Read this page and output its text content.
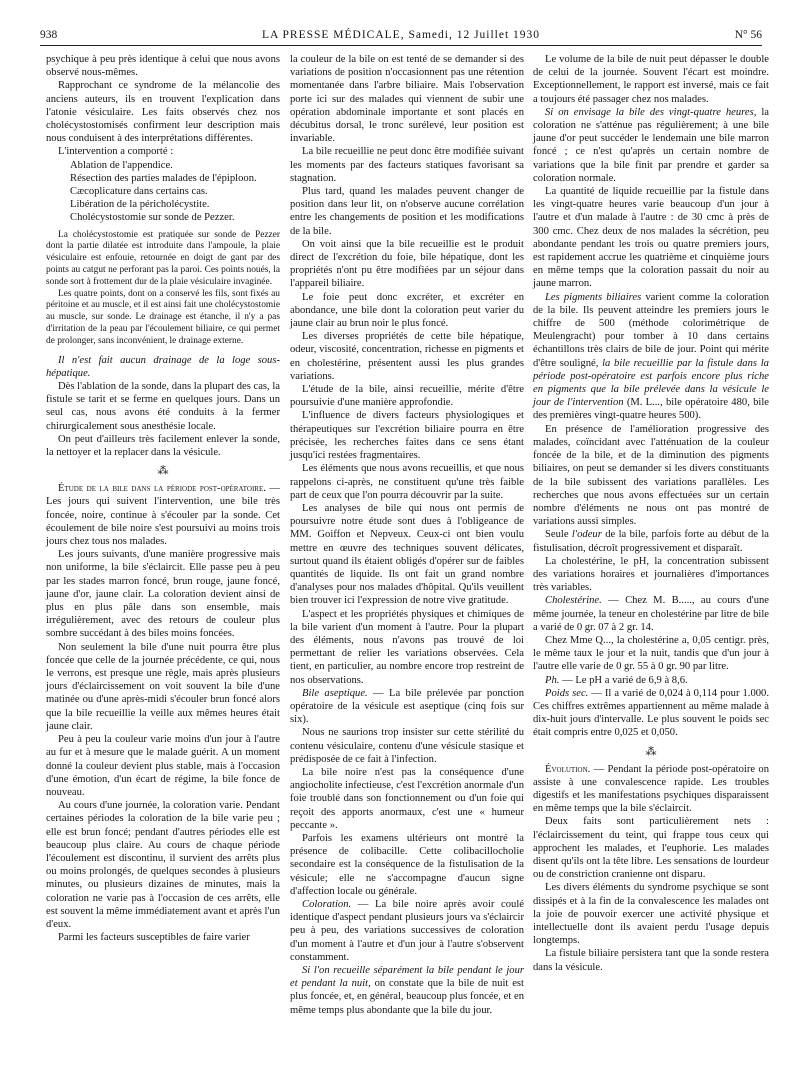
938	LA PRESSE MÉDICALE, Samedi, 12 Juillet 1930	N° 56

psychique à peu près identique à celui que nous avons observé nous-mêmes.

Rapprochant ce syndrome de la mélancolie des anciens auteurs, ils en trouvent l'explication dans l'atonie vésiculaire. Les faits observés chez nos cholécystostomisés confirment leur description mais nous conduisent à des interprétations différentes.

L'intervention a comporté :

Ablation de l'appendice.

Résection des parties malades de l'épiploon.

Cæcoplicature dans certains cas.

Libération de la péricholécystite.

Cholécystostomie sur sonde de Pezzer.

La cholécystostomie est pratiquée sur sonde de Pezzer dont la partie dilatée est introduite dans l'ampoule, la plaie vésiculaire est enfouie, retournée en doigt de gant par des points au catgut ne perforant pas la paroi. Ces points noués, la sonde sort à frottement dur de la plaie vésiculaire invaginée.

Les quatre points, dont on a conservé les fils, sont fixés au péritoine et au muscle, et il est ainsi fait une cholécystostomie au muscle, sur sonde. Le drainage est étanche, il n'y a pas d'irritation de la peau par l'écoulement biliaire, ce qui permet de prolonger, sans inconvénient, le drainage externe.

Il n'est fait aucun drainage de la loge sous-hépatique.

Dès l'ablation de la sonde, dans la plupart des cas, la fistule se tarit et se ferme en quelques jours. Dans un seul cas, nous avons été conduits à la fermer chirurgicalement sous anesthésie locale.

On peut d'ailleurs très facilement enlever la sonde, la nettoyer et la replacer dans la vésicule.

⁂

Étude de la bile dans la période post-opératoire. — Les jours qui suivent l'intervention, une bile très foncée, noire, continue à s'écouler par la sonde. Cet écoulement de bile noire s'est poursuivi au moins trois jours chez tous nos malades.

Les jours suivants, d'une manière progressive mais non uniforme, la bile s'éclaircit. Elle passe peu à peu par les stades marron foncé, brun rouge, jaune foncé, jaune d'or, jaune clair. La coloration devient ainsi de plus en plus pâle dans son ensemble, mais irrégulièrement, avec des retours de couleur plus sombre succédant à des biles moins foncées.

Non seulement la bile d'une nuit pourra être plus foncée que celle de la journée précédente, ce qui, nous le verrons, est presque une règle, mais après plusieurs jours d'éclaircissement on voit souvent la bile d'une matinée ou d'une après-midi s'écouler brun foncé alors que la bile recueillie la veille aux mêmes heures était jaune clair.

Peu à peu la couleur varie moins d'un jour à l'autre au fur et à mesure que le malade guérit. A un moment donné la couleur devient plus stable, mais à l'occasion d'une émotion, d'un écart de régime, la bile fonce de nouveau.

Au cours d'une journée, la coloration varie. Pendant certaines périodes la coloration de la bile varie peu ; elle est brun foncé; pendant d'autres périodes elle est beaucoup plus claire. Au cours de chaque période l'écoulement est discontinu, il survient des arrêts plus ou moins prolongés, de quelques secondes à plusieurs minutes, ou plusieurs dizaines de minutes, mais la coloration ne varie pas à l'occasion de ces arrêts, elle est souvent la même immédiatement avant et après l'un d'eux.

Parmi les facteurs susceptibles de faire varier

la couleur de la bile on est tenté de se demander si des variations de position n'occasionnent pas une rétention momentanée dans l'arbre biliaire. Mais l'observation porte ici sur des malades qui viennent de subir une opération abdominale importante et sont placés en décubitus dorsal, le tronc surélevé, leur position est invariable.

La bile recueillie ne peut donc être modifiée suivant les moments par des facteurs statiques favorisant sa stagnation.

Plus tard, quand les malades peuvent changer de position dans leur lit, on n'observe aucune corrélation entre les changements de position et les modifications de la bile.

On voit ainsi que la bile recueillie est le produit direct de l'excrétion du foie, bile hépatique, dont les propriétés n'ont pu être modifiées par un séjour dans l'appareil biliaire.

Le foie peut donc excréter, et excréter en abondance, une bile dont la coloration peut varier du jaune clair au brun noir le plus foncé.

Les diverses propriétés de cette bile hépatique, odeur, viscosité, concentration, richesse en pigments et en cholestérine, présentent aussi les plus grandes variations.

L'étude de la bile, ainsi recueillie, mérite d'être poursuivie d'une manière approfondie.

L'influence de divers facteurs physiologiques et thérapeutiques sur l'excrétion biliaire pourra en être précisée, les recherches faites dans ce sens étant jusqu'ici restées fragmentaires.

Les éléments que nous avons recueillis, et que nous rappelons ci-après, ne constituent qu'une très faible part de ceux que l'on pourra découvrir par la suite.

Les analyses de bile qui nous ont permis de poursuivre notre étude sont dues à l'obligeance de MM. Goiffon et Nepveux. Ceux-ci ont bien voulu mettre en œuvre des techniques souvent délicates, surtout quand ils étaient obligés d'opérer sur de faibles quantités de liquide. Ils ont fait un grand nombre d'analyses pour nos malades d'hôpital. Qu'ils veuillent bien trouver ici l'expression de notre vive gratitude.

L'aspect et les propriétés physiques et chimiques de la bile varient d'un moment à l'autre. Pour la plupart des éléments, nous n'avons pas trouvé de loi permettant de relier les variations observées. Cela tient, en particulier, au nombre encore trop restreint de nos observations.

Bile aseptique. — La bile prélevée par ponction opératoire de la vésicule est aseptique (cinq fois sur six).

Nous ne saurions trop insister sur cette stérilité du contenu vésiculaire, contenu d'une vésicule stasique et prédisposée de ce fait à l'infection.

La bile noire n'est pas la conséquence d'une angiocholite infectieuse, c'est l'excrétion anormale d'un foie troublé dans son fonctionnement ou d'un foie qui reçoit des apports anormaux, c'est une « humeur peccante ».

Parfois les examens ultérieurs ont montré la présence de colibacille. Cette colibacillocholie secondaire est la conséquence de la fistulisation de la vésicule; elle ne s'accompagne d'aucun signe d'affection locale ou générale.

Coloration. — La bile noire après avoir coulé identique d'aspect pendant plusieurs jours va s'éclaircir peu à peu, des variations successives de coloration d'un moment à l'autre et d'un jour à l'autre s'observent constamment.

Si l'on recueille séparément la bile pendant le jour et pendant la nuit, on constate que la bile de nuit est plus foncée, et, en général, beaucoup plus foncée, et en même temps plus abondante que la bile du jour.

Le volume de la bile de nuit peut dépasser le double de celui de la journée. Souvent l'écart est moindre. Exceptionnellement, le rapport est inversé, mais ce fait a toujours été passager chez nos malades.

Si on envisage la bile des vingt-quatre heures, la coloration ne s'atténue pas régulièrement; à une bile jaune d'or peut succéder le lendemain une bile marron foncé ; ce n'est qu'après un certain nombre de variations que la bile finit par prendre et garder sa coloration normale.

La quantité de liquide recueillie par la fistule dans les vingt-quatre heures varie beaucoup d'un jour à l'autre et d'un malade à l'autre : de 30 cmc à près de 300 cmc. Chez deux de nos malades la sécrétion, peu abondante pendant les trois ou quatre premiers jours, est rapidement accrue les quatrième et cinquième jours en même temps que la coloration passait du noir au jaune marron.

Les pigments biliaires varient comme la coloration de la bile. Ils peuvent atteindre les premiers jours le chiffre de 500 (méthode colorimétrique de Meulengracht) pour tomber à 10 dans certains échantillons très clairs de bile de jour. Point qui mérite d'être souligné, la bile recueillie par la fistule dans la période post-opératoire est parfois encore plus riche en pigments que la bile prélevée dans la vésicule le jour de l'intervention (M. L..., bile opératoire 480, bile des premières vingt-quatre heures 500).

En présence de l'amélioration progressive des malades, coïncidant avec l'atténuation de la couleur foncée de la bile, et de la diminution des pigments biliaires, on peut se demander si les divers constituants de la bile subissent des variations parallèles. Les recherches que nous avons effectuées sur un certain nombre d'éléments ne nous ont pas montré de variations aussi simples.

Seule l'odeur de la bile, parfois forte au début de la fistulisation, décroît progressivement et disparaît.

La cholestérine, le pH, la concentration subissent des variations horaires et journalières d'importances très variables.

Cholestérine. — Chez M. B....., au cours d'une même journée, la teneur en cholestérine par litre de bile a varié de 0 gr. 07 à 2 gr. 14.

Chez Mme Q..., la cholestérine a, 0,05 centigr. près, le même taux le jour et la nuit, tandis que d'un jour à l'autre elle varie de 0 gr. 55 à 0 gr. 90 par litre.

Ph. — Le pH a varié de 6,9 à 8,6.

Poids sec. — Il a varié de 0,024 à 0,114 pour 1.000. Ces chiffres extrêmes appartiennent au même malade à dix-huit jours d'intervalle. Le plus souvent le poids sec était compris entre 0,025 et 0,050.

⁂

Évolution. — Pendant la période post-opératoire on assiste à une convalescence rapide. Les troubles digestifs et les manifestations psychiques disparaissent en même temps que la bile s'éclaircit.

Deux faits sont particulièrement nets : l'éclaircissement du teint, qui frappe tous ceux qui approchent les malades, et l'euphorie. Les malades disent qu'ils ont la tête libre. Les sensations de lourdeur ou de constriction cranienne ont disparu.

Les divers éléments du syndrome psychique se sont dissipés et à la fin de la convalescence les malades ont la joie de pouvoir exercer une activité physique et intellectuelle dont ils avaient perdu l'usage depuis longtemps.

La fistule biliaire persistera tant que la sonde restera dans la vésicule.
